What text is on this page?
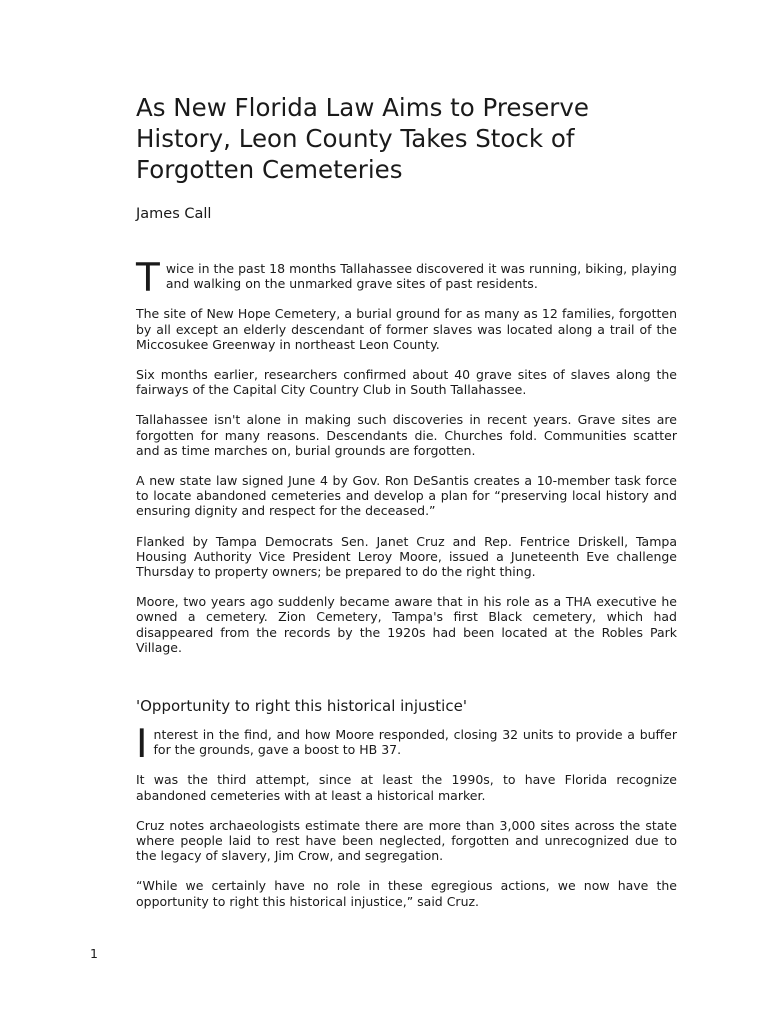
As New Florida Law Aims to Preserve History, Leon County Takes Stock of Forgotten Cemeteries
James Call

Twice in the past 18 months Tallahassee discovered it was running, biking, playing and walking on the unmarked grave sites of past residents.

The site of New Hope Cemetery, a burial ground for as many as 12 families, forgotten by all except an elderly descendant of former slaves was located along a trail of the Miccosukee Greenway in northeast Leon County.

Six months earlier, researchers confirmed about 40 grave sites of slaves along the fairways of the Capital City Country Club in South Tallahassee.

Tallahassee isn't alone in making such discoveries in recent years. Grave sites are forgotten for many reasons. Descendants die. Churches fold. Communities scatter and as time marches on, burial grounds are forgotten.

A new state law signed June 4 by Gov. Ron DeSantis creates a 10-member task force to locate abandoned cemeteries and develop a plan for “preserving local history and ensuring dignity and respect for the deceased.”

Flanked by Tampa Democrats Sen. Janet Cruz and Rep. Fentrice Driskell, Tampa Housing Authority Vice President Leroy Moore, issued a Juneteenth Eve challenge Thursday to property owners; be prepared to do the right thing.

Moore, two years ago suddenly became aware that in his role as a THA executive he owned a cemetery. Zion Cemetery, Tampa's first Black cemetery, which had disappeared from the records by the 1920s had been located at the Robles Park Village.

'Opportunity to right this historical injustice'

Interest in the find, and how Moore responded, closing 32 units to provide a buffer for the grounds, gave a boost to HB 37.

It was the third attempt, since at least the 1990s, to have Florida recognize abandoned cemeteries with at least a historical marker.

Cruz notes archaeologists estimate there are more than 3,000 sites across the state where people laid to rest have been neglected, forgotten and unrecognized due to the legacy of slavery, Jim Crow, and segregation.

“While we certainly have no role in these egregious actions, we now have the opportunity to right this historical injustice,” said Cruz.

1
